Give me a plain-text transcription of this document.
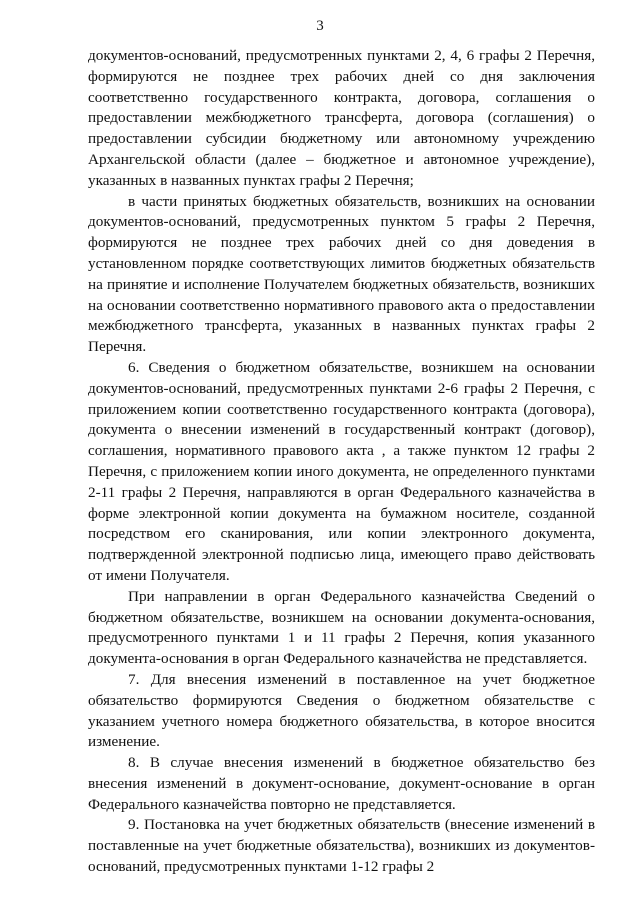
3

документов-оснований, предусмотренных пунктами 2, 4, 6 графы 2 Перечня, формируются не позднее трех рабочих дней со дня заключения соответственно государственного контракта, договора, соглашения о предоставлении межбюджетного трансферта, договора (соглашения) о предоставлении субсидии бюджетному или автономному учреждению Архангельской области (далее – бюджетное и автономное учреждение), указанных в названных пунктах графы 2 Перечня;

в части принятых бюджетных обязательств, возникших на основании документов-оснований, предусмотренных пунктом 5 графы 2 Перечня, формируются не позднее трех рабочих дней со дня доведения в установленном порядке соответствующих лимитов бюджетных обязательств на принятие и исполнение Получателем бюджетных обязательств, возникших на основании соответственно нормативного правового акта о предоставлении межбюджетного трансферта, указанных в названных пунктах графы 2 Перечня.

6. Сведения о бюджетном обязательстве, возникшем на основании документов-оснований, предусмотренных пунктами 2-6 графы 2 Перечня, с приложением копии соответственно государственного контракта (договора), документа о внесении изменений в государственный контракт (договор), соглашения, нормативного правового акта , а также пунктом 12 графы 2 Перечня, с приложением копии иного документа, не определенного пунктами 2-11 графы 2 Перечня, направляются в орган Федерального казначейства в форме электронной копии документа на бумажном носителе, созданной посредством его сканирования, или копии электронного документа, подтвержденной электронной подписью лица, имеющего право действовать от имени Получателя.

При направлении в орган Федерального казначейства Сведений о бюджетном обязательстве, возникшем на основании документа-основания, предусмотренного пунктами 1 и 11 графы 2 Перечня, копия указанного документа-основания в орган Федерального казначейства не представляется.

7. Для внесения изменений в поставленное на учет бюджетное обязательство формируются Сведения о бюджетном обязательстве с указанием учетного номера бюджетного обязательства, в которое вносится изменение.

8. В случае внесения изменений в бюджетное обязательство без внесения изменений в документ-основание, документ-основание в орган Федерального казначейства повторно не представляется.

9. Постановка на учет бюджетных обязательств (внесение изменений в поставленные на учет бюджетные обязательства), возникших из документов-оснований, предусмотренных пунктами 1-12 графы 2
